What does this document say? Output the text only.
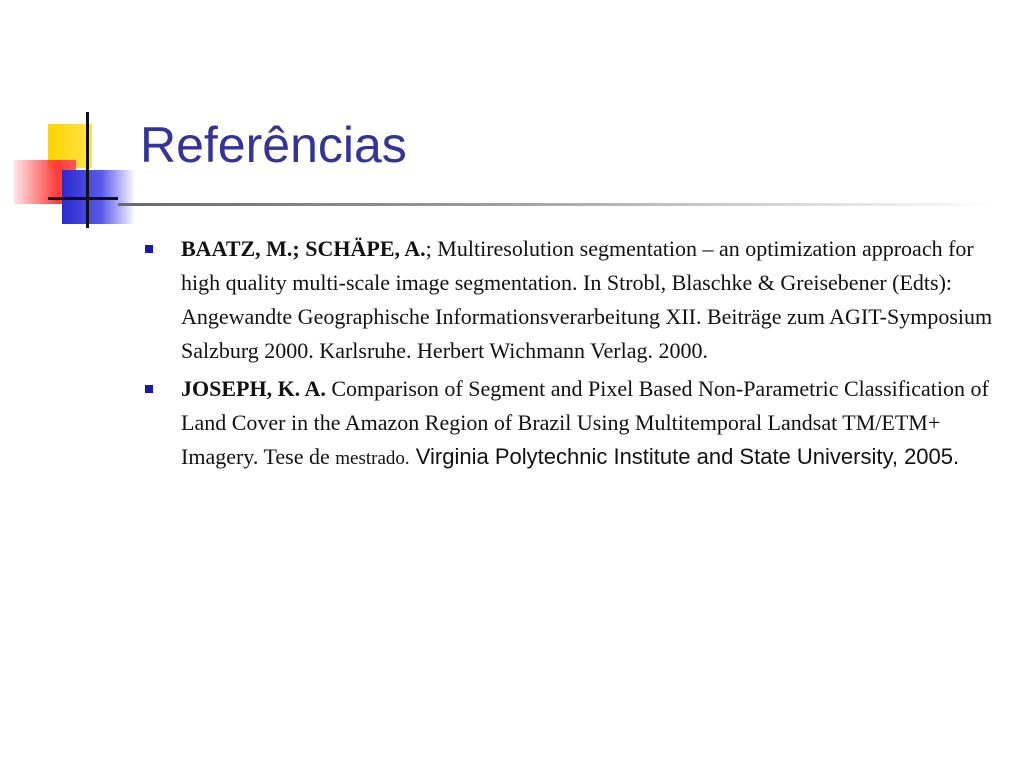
Referências
BAATZ, M.; SCHÄPE, A.; Multiresolution segmentation – an optimization approach for high quality multi-scale image segmentation. In Strobl, Blaschke & Greisebener (Edts): Angewandte Geographische Informationsverarbeitung XII. Beiträge zum AGIT-Symposium Salzburg 2000. Karlsruhe. Herbert Wichmann Verlag. 2000.
JOSEPH, K. A. Comparison of Segment and Pixel Based Non-Parametric Classification of Land Cover in the Amazon Region of Brazil Using Multitemporal Landsat TM/ETM+ Imagery. Tese de mestrado. Virginia Polytechnic Institute and State University, 2005.
